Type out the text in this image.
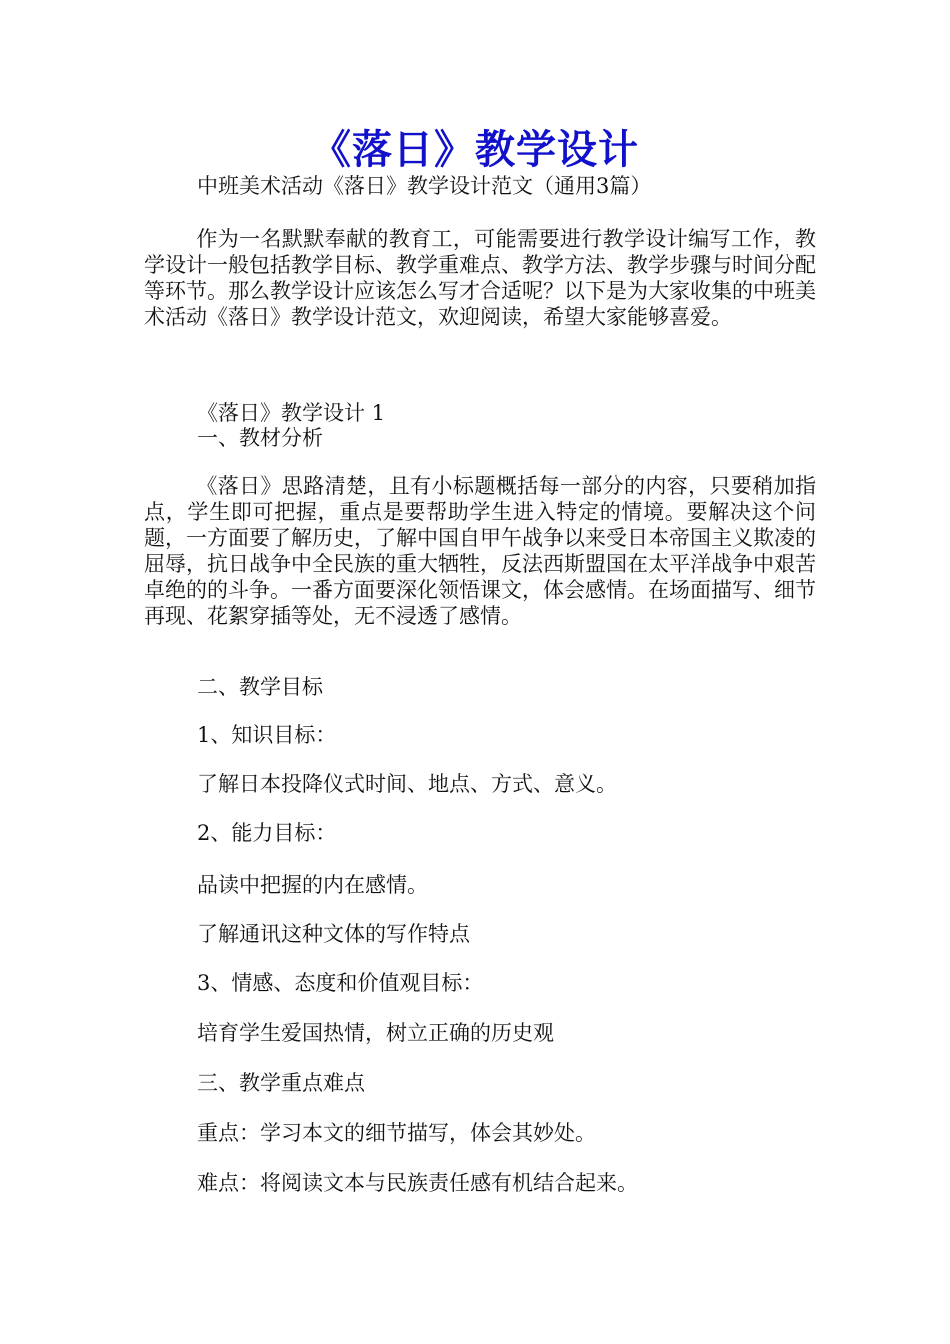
《落日》教学设计
中班美术活动《落日》教学设计范文（通用3篇）

作为一名默默奉献的教育工，可能需要进行教学设计编写工作，教学设计一般包括教学目标、教学重难点、教学方法、教学步骤与时间分配等环节。那么教学设计应该怎么写才合适呢？以下是为大家收集的中班美术活动《落日》教学设计范文，欢迎阅读，希望大家能够喜爱。

《落日》教学设计 1
一、教材分析

《落日》思路清楚，且有小标题概括每一部分的内容，只要稍加指点，学生即可把握，重点是要帮助学生进入特定的情境。要解决这个问题，一方面要了解历史，了解中国自甲午战争以来受日本帝国主义欺凌的屈辱，抗日战争中全民族的重大牺牲，反法西斯盟国在太平洋战争中艰苦卓绝的的斗争。一番方面要深化领悟课文，体会感情。在场面描写、细节再现、花絮穿插等处，无不浸透了感情。

二、教学目标
1、知识目标：
了解日本投降仪式时间、地点、方式、意义。
2、能力目标：
品读中把握的内在感情。
了解通讯这种文体的写作特点
3、情感、态度和价值观目标：
培育学生爱国热情，树立正确的历史观
三、教学重点难点
重点：学习本文的细节描写，体会其妙处。
难点：将阅读文本与民族责任感有机结合起来。
